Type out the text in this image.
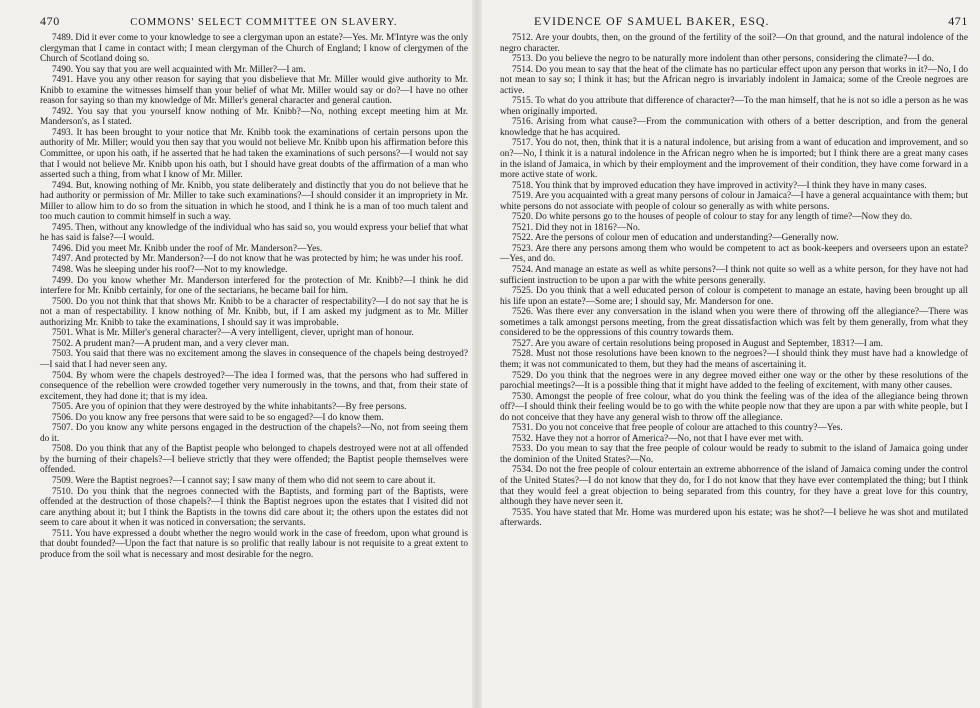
470	COMMONS' SELECT COMMITTEE ON SLAVERY.

7489. Did it ever come to your knowledge to see a clergyman upon an estate?—Yes. Mr. M'Intyre was the only clergyman that I came in contact with; I mean clergyman of the Church of England; I know of clergymen of the Church of Scotland doing so.

7490. You say that you are well acquainted with Mr. Miller?—I am.

7491. Have you any other reason for saying that you disbelieve that Mr. Miller would give authority to Mr. Knibb to examine the witnesses himself than your belief of what Mr. Miller would say or do?—I have no other reason for saying so than my knowledge of Mr. Miller's general character and general caution.

7492. You say that you yourself know nothing of Mr. Knibb?—No, nothing except meeting him at Mr. Manderson's, as I stated.

7493. It has been brought to your notice that Mr. Knibb took the examinations of certain persons upon the authority of Mr. Miller; would you then say that you would not believe Mr. Knibb upon his affirmation before this Committee, or upon his oath, if he asserted that he had taken the examinations of such persons?—I would not say that I would not believe Mr. Knibb upon his oath, but I should have great doubts of the affirmation of a man who asserted such a thing, from what I know of Mr. Miller.

7494. But, knowing nothing of Mr. Knibb, you state deliberately and distinctly that you do not believe that he had authority or permission of Mr. Miller to take such examinations?—I should consider it an impropriety in Mr. Miller to allow him to do so from the situation in which he stood, and I think he is a man of too much talent and too much caution to commit himself in such a way.

7495. Then, without any knowledge of the individual who has said so, you would express your belief that what he has said is false?—I would.

7496. Did you meet Mr. Knibb under the roof of Mr. Manderson?—Yes.

7497. And protected by Mr. Manderson?—I do not know that he was protected by him; he was under his roof.

7498. Was he sleeping under his roof?—Not to my knowledge.

7499. Do you know whether Mr. Manderson interfered for the protection of Mr. Knibb?—I think he did interfere for Mr. Knibb certainly, for one of the sectarians, he became bail for him.

7500. Do you not think that that shows Mr. Knibb to be a character of respectability?—I do not say that he is not a man of respectability. I know nothing of Mr. Knibb, but, if I am asked my judgment as to Mr. Miller authorizing Mr. Knibb to take the examinations, I should say it was improbable.

7501. What is Mr. Miller's general character?—A very intelligent, clever, upright man of honour.

7502. A prudent man?—A prudent man, and a very clever man.

7503. You said that there was no excitement among the slaves in consequence of the chapels being destroyed?—I said that I had never seen any.

7504. By whom were the chapels destroyed?—The idea I formed was, that the persons who had suffered in consequence of the rebellion were crowded together very numerously in the towns, and that, from their state of excitement, they had done it; that is my idea.

7505. Are you of opinion that they were destroyed by the white inhabitants?—By free persons.

7506. Do you know any free persons that were said to be so engaged?—I do know them.

7507. Do you know any white persons engaged in the destruction of the chapels?—No, not from seeing them do it.

7508. Do you think that any of the Baptist people who belonged to chapels destroyed were not at all offended by the burning of their chapels?—I believe strictly that they were offended; the Baptist people themselves were offended.

7509. Were the Baptist negroes?—I cannot say; I saw many of them who did not seem to care about it.

7510. Do you think that the negroes connected with the Baptists, and forming part of the Baptists, were offended at the destruction of those chapels?—I think the Baptist negroes upon the estates that I visited did not care anything about it; but I think the Baptists in the towns did care about it; the others upon the estates did not seem to care about it when it was noticed in conversation; the servants.

7511. You have expressed a doubt whether the negro would work in the case of freedom, upon what ground is that doubt founded?—Upon the fact that nature is so prolific that really labour is not requisite to a great extent to produce from the soil what is necessary and most desirable for the negro.

EVIDENCE OF SAMUEL BAKER, ESQ.	471

7512. Are your doubts, then, on the ground of the fertility of the soil?—On that ground, and the natural indolence of the negro character.

7513. Do you believe the negro to be naturally more indolent than other persons, considering the climate?—I do.

7514. Do you mean to say that the heat of the climate has no particular effect upon any person that works in it?—No, I do not mean to say so; I think it has; but the African negro is invariably indolent in Jamaica; some of the Creole negroes are active.

7515. To what do you attribute that difference of character?—To the man himself, that he is not so idle a person as he was when originally imported.

7516. Arising from what cause?—From the communication with others of a better description, and from the general knowledge that he has acquired.

7517. You do not, then, think that it is a natural indolence, but arising from a want of education and improvement, and so on?—No, I think it is a natural indolence in the African negro when he is imported; but I think there are a great many cases in the island of Jamaica, in which by their employment and the improvement of their condition, they have come forward in a more active state of work.

7518. You think that by improved education they have improved in activity?—I think they have in many cases.

7519. Are you acquainted with a great many persons of colour in Jamaica?—I have a general acquaintance with them; but white persons do not associate with people of colour so generally as with white persons.

7520. Do white persons go to the houses of people of colour to stay for any length of time?—Now they do.

7521. Did they not in 1816?—No.

7522. Are the persons of colour men of education and understanding?—Generally now.

7523. Are there any persons among them who would be competent to act as book-keepers and overseers upon an estate?—Yes, and do.

7524. And manage an estate as well as white persons?—I think not quite so well as a white person, for they have not had sufficient instruction to be upon a par with the white persons generally.

7525. Do you think that a well educated person of colour is competent to manage an estate, having been brought up all his life upon an estate?—Some are; I should say, Mr. Manderson for one.

7526. Was there ever any conversation in the island when you were there of throwing off the allegiance?—There was sometimes a talk amongst persons meeting, from the great dissatisfaction which was felt by them generally, from what they considered to be the oppressions of this country towards them.

7527. Are you aware of certain resolutions being proposed in August and September, 1831?—I am.

7528. Must not those resolutions have been known to the negroes?—I should think they must have had a knowledge of them; it was not communicated to them, but they had the means of ascertaining it.

7529. Do you think that the negroes were in any degree moved either one way or the other by these resolutions of the parochial meetings?—It is a possible thing that it might have added to the feeling of excitement, with many other causes.

7530. Amongst the people of free colour, what do you think the feeling was of the idea of the allegiance being thrown off?—I should think their feeling would be to go with the white people now that they are upon a par with white people, but I do not conceive that they have any general wish to throw off the allegiance.

7531. Do you not conceive that free people of colour are attached to this country?—Yes.

7532. Have they not a horror of America?—No, not that I have ever met with.

7533. Do you mean to say that the free people of colour would be ready to submit to the island of Jamaica going under the dominion of the United States?—No.

7534. Do not the free people of colour entertain an extreme abhorrence of the island of Jamaica coming under the control of the United States?—I do not know that they do, for I do not know that they have ever contemplated the thing; but I think that they would feel a great objection to being separated from this country, for they have a great love for this country, although they have never seen it.

7535. You have stated that Mr. Home was murdered upon his estate; was he shot?—I believe he was shot and mutilated afterwards.
